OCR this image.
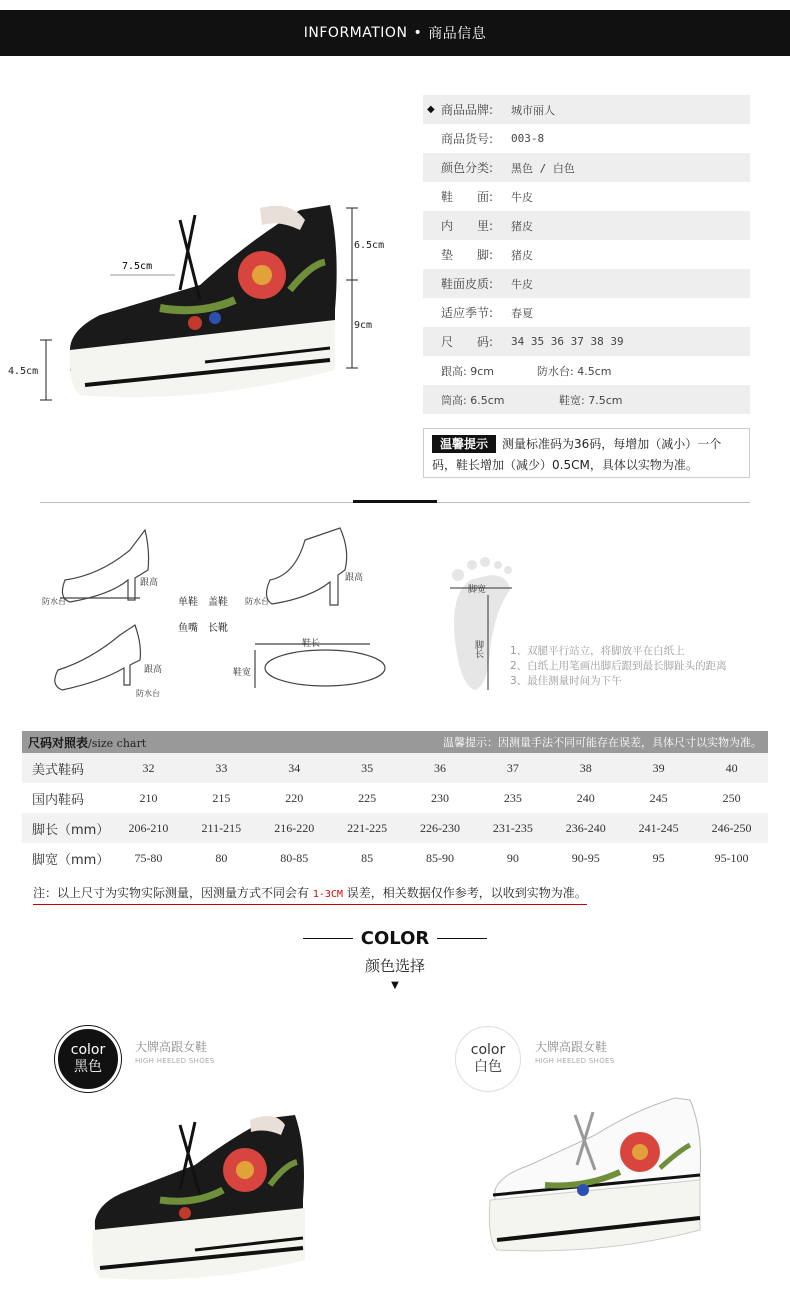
INFORMATION • 商品信息
7.5cm
6.5cm
9cm
4.5cm
◆ 商品品牌:	城市丽人
商品货号:	003-8
颜色分类:	黑色 / 白色
鞋　　面:	牛皮
内　　里:	猪皮
垫　　脚:	猪皮
鞋面皮质:	牛皮
适应季节:	春夏
尺　　码:	34 35 36 37 38 39
跟高: 9cm	防水台: 4.5cm
筒高: 6.5cm	鞋宽: 7.5cm
温馨提示 测量标准码为36码，每增加（减小）一个码，鞋长增加（减少）0.5CM，具体以实物为准。
跟高
防水台
跟高
防水台
单鞋 盖鞋
鱼嘴 长靴
跟高
防水台
鞋长
鞋宽
脚宽
脚长	1、双腿平行站立，将脚放平在白纸上
2、白纸上用笔画出脚后跟到最长脚趾头的距离
3、最佳测量时间为下午
尺码对照表/size chart	温馨提示：因测量手法不同可能存在误差，具体尺寸以实物为准。
美式鞋码	32	33	34	35	36	37	38	39	40
国内鞋码	210	215	220	225	230	235	240	245	250
脚长（mm）	206-210	211-215	216-220	221-225	226-230	231-235	236-240	241-245	246-250
脚宽（mm）	75-80	80	80-85	85	85-90	90	90-95	95	95-100
注：以上尺寸为实物实际测量，因测量方式不同会有 1-3CM 误差，相关数据仅作参考，以收到实物为准。
COLOR
颜色选择
▼
color
黑色
大牌高跟女鞋
HIGH HEELED SHOES
color
白色
大牌高跟女鞋
HIGH HEELED SHOES
